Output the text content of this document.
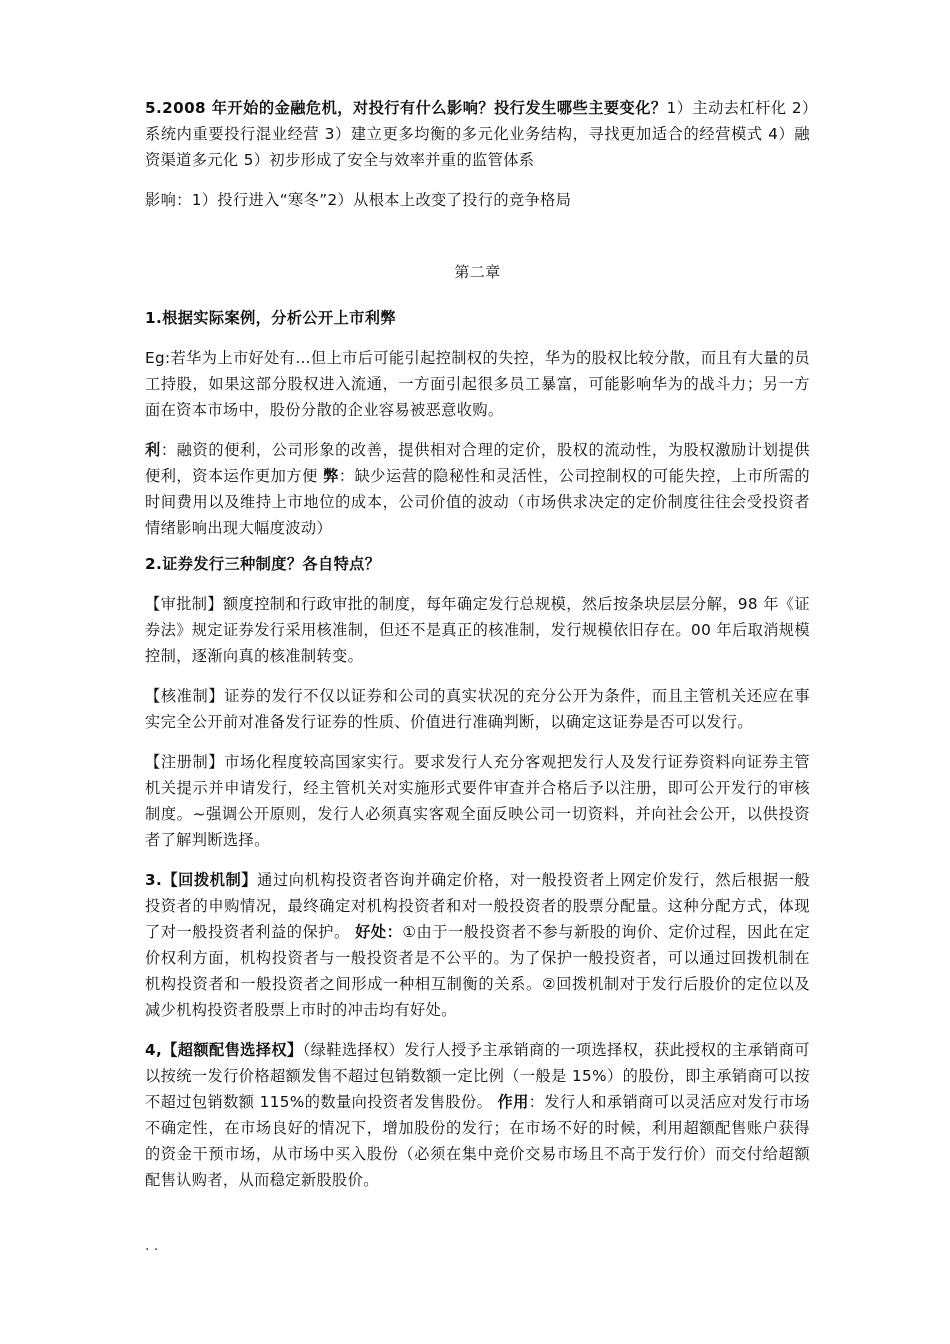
5.2008 年开始的金融危机，对投行有什么影响？投行发生哪些主要变化？1）主动去杠杆化 2）系统内重要投行混业经营 3）建立更多均衡的多元化业务结构，寻找更加适合的经营模式 4）融资渠道多元化 5）初步形成了安全与效率并重的监管体系

影响：1）投行进入“寒冬”2）从根本上改变了投行的竞争格局

第二章

1.根据实际案例，分析公开上市利弊

Eg:若华为上市好处有…但上市后可能引起控制权的失控，华为的股权比较分散，而且有大量的员工持股，如果这部分股权进入流通，一方面引起很多员工暴富，可能影响华为的战斗力；另一方面在资本市场中，股份分散的企业容易被恶意收购。

利：融资的便利，公司形象的改善，提供相对合理的定价，股权的流动性，为股权激励计划提供便利，资本运作更加方便 弊：缺少运营的隐秘性和灵活性，公司控制权的可能失控，上市所需的时间费用以及维持上市地位的成本，公司价值的波动（市场供求决定的定价制度往往会受投资者情绪影响出现大幅度波动）

2.证券发行三种制度？各自特点？

【审批制】额度控制和行政审批的制度，每年确定发行总规模，然后按条块层层分解，98 年《证券法》规定证券发行采用核准制，但还不是真正的核准制，发行规模依旧存在。00 年后取消规模控制，逐渐向真的核准制转变。

【核准制】证券的发行不仅以证券和公司的真实状况的充分公开为条件，而且主管机关还应在事实完全公开前对准备发行证券的性质、价值进行准确判断，以确定这证券是否可以发行。

【注册制】市场化程度较高国家实行。要求发行人充分客观把发行人及发行证券资料向证券主管机关提示并申请发行，经主管机关对实施形式要件审查并合格后予以注册，即可公开发行的审核制度。~强调公开原则，发行人必须真实客观全面反映公司一切资料，并向社会公开，以供投资者了解判断选择。

3.【回拨机制】通过向机构投资者咨询并确定价格，对一般投资者上网定价发行，然后根据一般投资者的申购情况，最终确定对机构投资者和对一般投资者的股票分配量。这种分配方式，体现了对一般投资者利益的保护。 好处：①由于一般投资者不参与新股的询价、定价过程，因此在定价权利方面，机构投资者与一般投资者是不公平的。为了保护一般投资者，可以通过回拨机制在机构投资者和一般投资者之间形成一种相互制衡的关系。②回拨机制对于发行后股价的定位以及减少机构投资者股票上市时的冲击均有好处。

4,【超额配售选择权】（绿鞋选择权）发行人授予主承销商的一项选择权，获此授权的主承销商可以按统一发行价格超额发售不超过包销数额一定比例（一般是 15%）的股份，即主承销商可以按不超过包销数额 115%的数量向投资者发售股份。 作用：发行人和承销商可以灵活应对发行市场不确定性，在市场良好的情况下，增加股份的发行；在市场不好的时候，利用超额配售账户获得的资金干预市场，从市场中买入股份（必须在集中竞价交易市场且不高于发行价）而交付给超额配售认购者，从而稳定新股股价。

. .
